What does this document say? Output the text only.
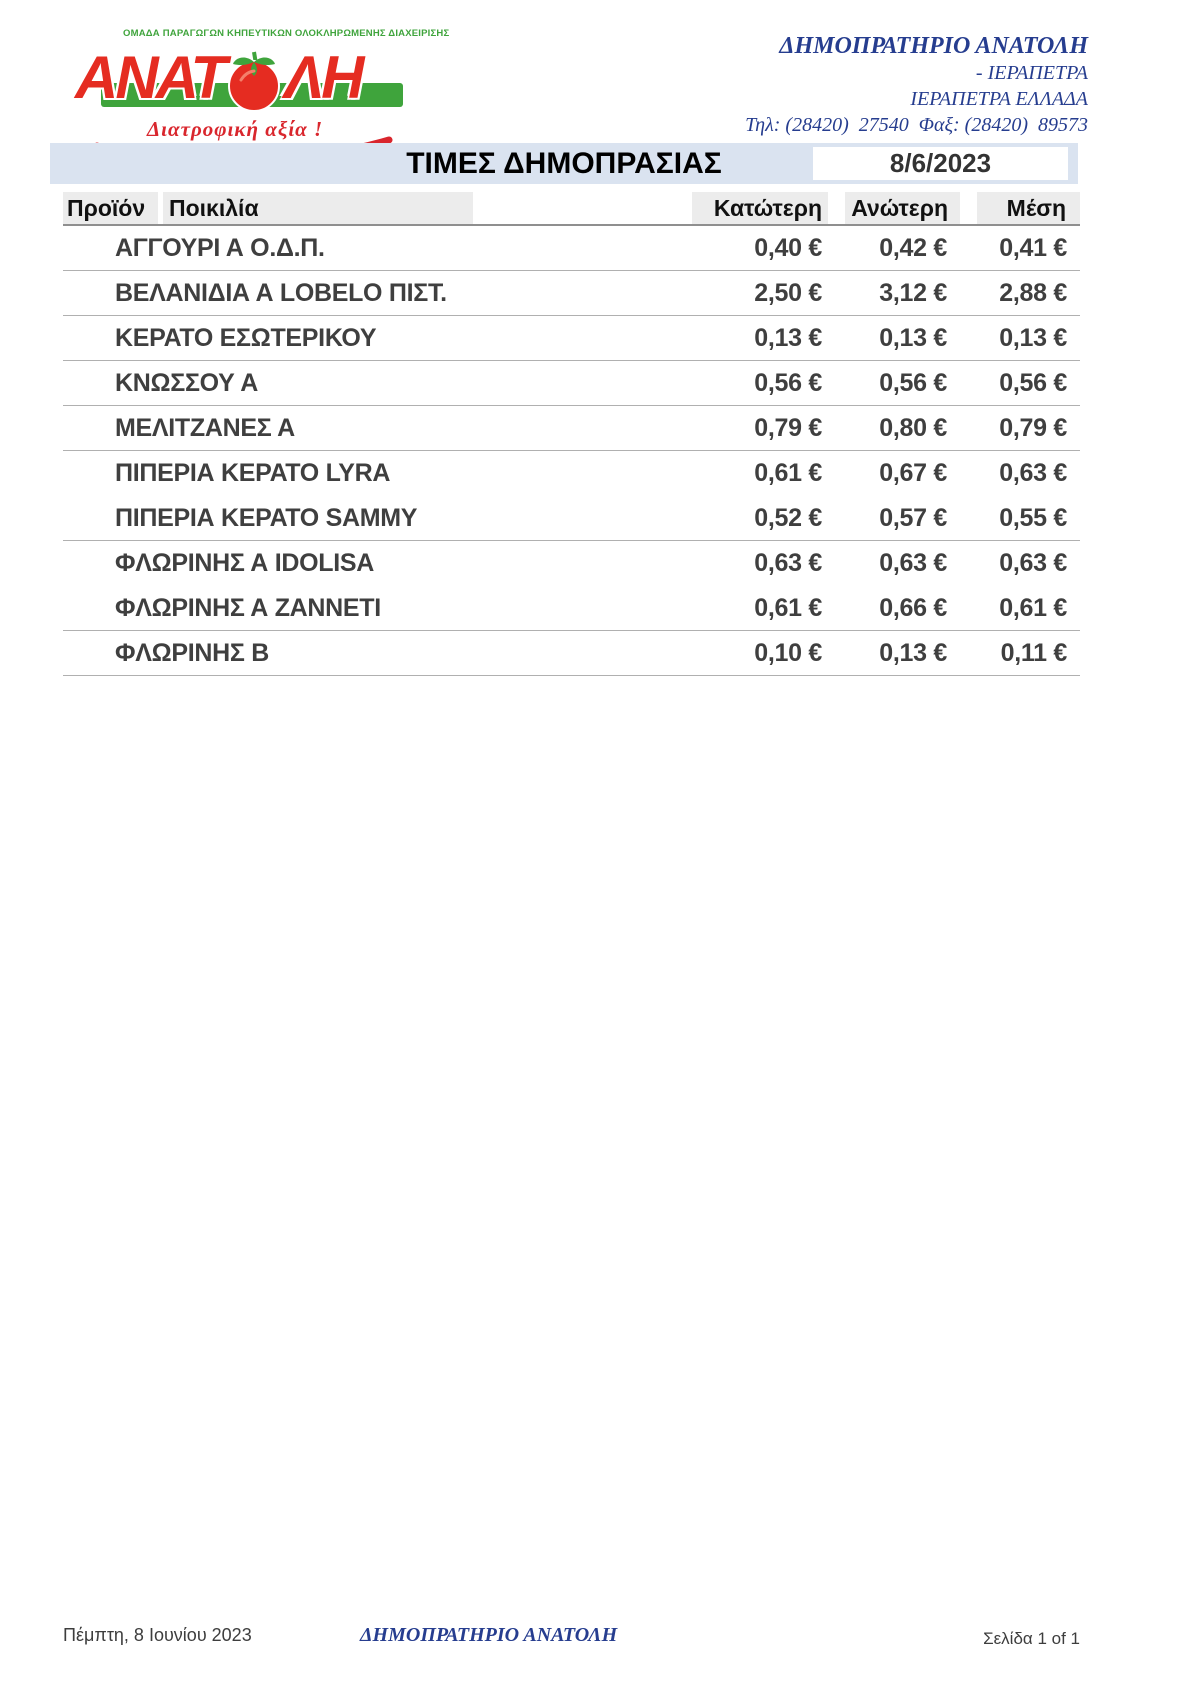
ΟΜΑΔΑ ΠΑΡΑΓΩΓΩΝ ΚΗΠΕΥΤΙΚΩΝ ΟΛΟΚΛΗΡΩΜΕΝΗΣ ΔΙΑΧΕΙΡΙΣΗΣ
ΑΝΑΤ ΛΗ
Διατροφική αξία !
ΔΗΜΟΠΡΑΤΗΡΙΟ ΑΝΑΤΟΛΗ
- ΙΕΡΑΠΕΤΡΑ
ΙΕΡΑΠΕΤΡΑ ΕΛΛΑΔΑ
Τηλ: (28420)  27540  Φαξ: (28420)  89573
ΤΙΜΕΣ ΔΗΜΟΠΡΑΣΙΑΣ	8/6/2023
Προϊόν	Ποικιλία	Κατώτερη Ανώτερη	Μέση
ΑΓΓΟΥΡΙ Α Ο.Δ.Π.	0,40 €	0,42 €	0,41 €
ΒΕΛΑΝΙΔΙΑ Α LOBELO ΠΙΣΤ.	2,50 €	3,12 €	2,88 €
ΚΕΡΑΤΟ ΕΣΩΤΕΡΙΚΟΥ	0,13 €	0,13 €	0,13 €
ΚΝΩΣΣΟΥ Α	0,56 €	0,56 €	0,56 €
ΜΕΛΙΤΖΑΝΕΣ Α	0,79 €	0,80 €	0,79 €
ΠΙΠΕΡΙΑ ΚΕΡΑΤΟ LYRA	0,61 €	0,67 €	0,63 €
ΠΙΠΕΡΙΑ ΚΕΡΑΤΟ SAMMY	0,52 €	0,57 €	0,55 €
ΦΛΩΡΙΝΗΣ Α IDOLISA	0,63 €	0,63 €	0,63 €
ΦΛΩΡΙΝΗΣ Α ΖΑΝΝΕΤΙ	0,61 €	0,66 €	0,61 €
ΦΛΩΡΙΝΗΣ Β	0,10 €	0,13 €	0,11 €
Πέμπτη, 8 Ιουνίου 2023	ΔΗΜΟΠΡΑΤΗΡΙΟ ΑΝΑΤΟΛΗ	Σελίδα 1 of 1
